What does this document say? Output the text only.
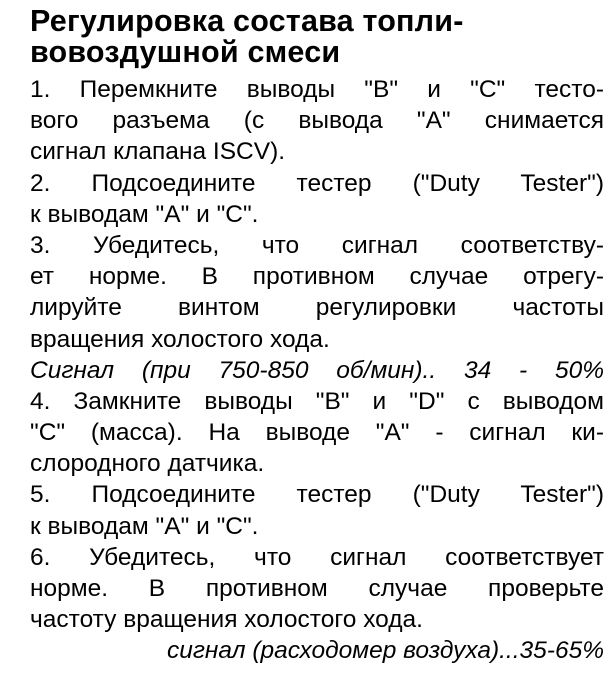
Регулировка состава топли-
вовоздушной смеси
1. Перемкните выводы "В" и "С" тесто-
вого разъема (с вывода "А" снимается
сигнал клапана ISCV).
2. Подсоедините тестер ("Duty Tester")
к выводам "А" и "С".
3. Убедитесь, что сигнал соответству-
ет норме. В противном случае отрегу-
лируйте винтом регулировки частоты
вращения холостого хода.
Сигнал (при 750-850 об/мин).. 34 - 50%
4. Замкните выводы "В" и "D" с выводом
"С" (масса). На выводе "А" - сигнал ки-
слородного датчика.
5. Подсоедините тестер ("Duty Tester")
к выводам "А" и "С".
6. Убедитесь, что сигнал соответствует
норме. В противном случае проверьте
частоту вращения холостого хода.
сигнал (расходомер воздуха)...35-65%
